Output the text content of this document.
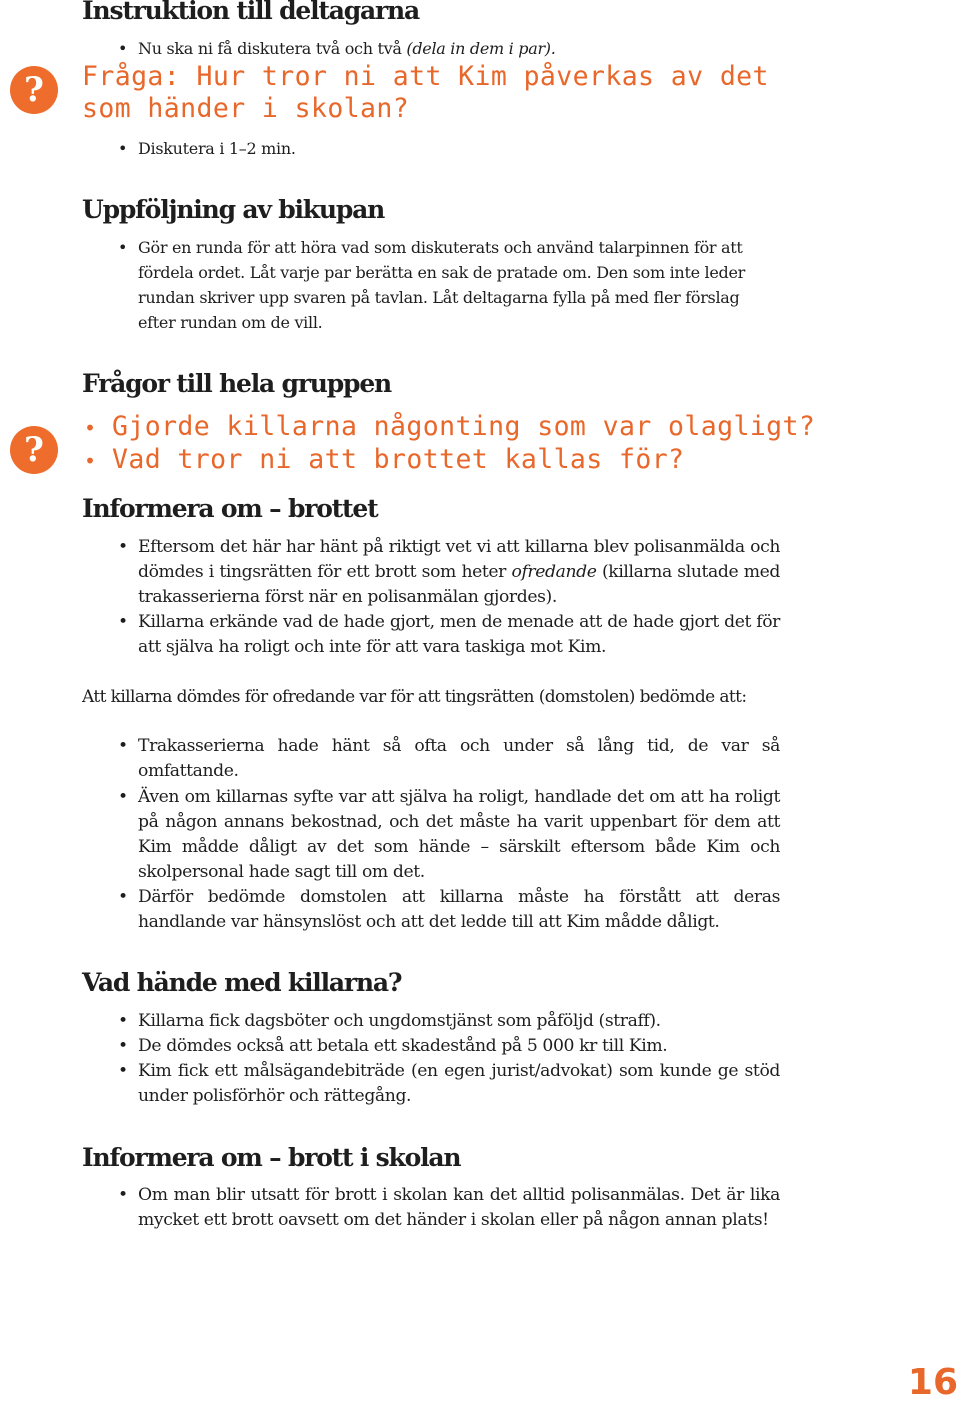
Instruktion till deltagarna
• Nu ska ni få diskutera två och två (dela in dem i par).
?	Fråga: Hur tror ni att Kim påverkas av det
som händer i skolan?
• Diskutera i 1–2 min.
Uppföljning av bikupan
• Gör en runda för att höra vad som diskuterats och använd talarpinnen för att fördela ordet. Låt varje par berätta en sak de pratade om. Den som inte leder rundan skriver upp svaren på tavlan. Låt deltagarna fylla på med fler förslag efter rundan om de vill.
Frågor till hela gruppen
?
• Gjorde killarna någonting som var olagligt?
• Vad tror ni att brottet kallas för?
Informera om – brottet
• Eftersom det här har hänt på riktigt vet vi att killarna blev polisanmälda och dömdes i tingsrätten för ett brott som heter ofredande (killarna slutade med trakasserierna först när en polisanmälan gjordes).
• Killarna erkände vad de hade gjort, men de menade att de hade gjort det för att själva ha roligt och inte för att vara taskiga mot Kim.
Att killarna dömdes för ofredande var för att tingsrätten (domstolen) bedömde att:
• Trakasserierna hade hänt så ofta och under så lång tid, de var så omfattande.
• Även om killarnas syfte var att själva ha roligt, handlade det om att ha roligt på någon annans bekostnad, och det måste ha varit uppenbart för dem att Kim mådde dåligt av det som hände – särskilt eftersom både Kim och skolpersonal hade sagt till om det.
• Därför bedömde domstolen att killarna måste ha förstått att deras handlande var hänsynslöst och att det ledde till att Kim mådde dåligt.
Vad hände med killarna?
• Killarna fick dagsböter och ungdomstjänst som påföljd (straff).
• De dömdes också att betala ett skadestånd på 5 000 kr till Kim.
• Kim fick ett målsägandebiträde (en egen jurist/advokat) som kunde ge stöd under polisförhör och rättegång.
Informera om – brott i skolan
• Om man blir utsatt för brott i skolan kan det alltid polisanmälas. Det är lika mycket ett brott oavsett om det händer i skolan eller på någon annan plats!
16
